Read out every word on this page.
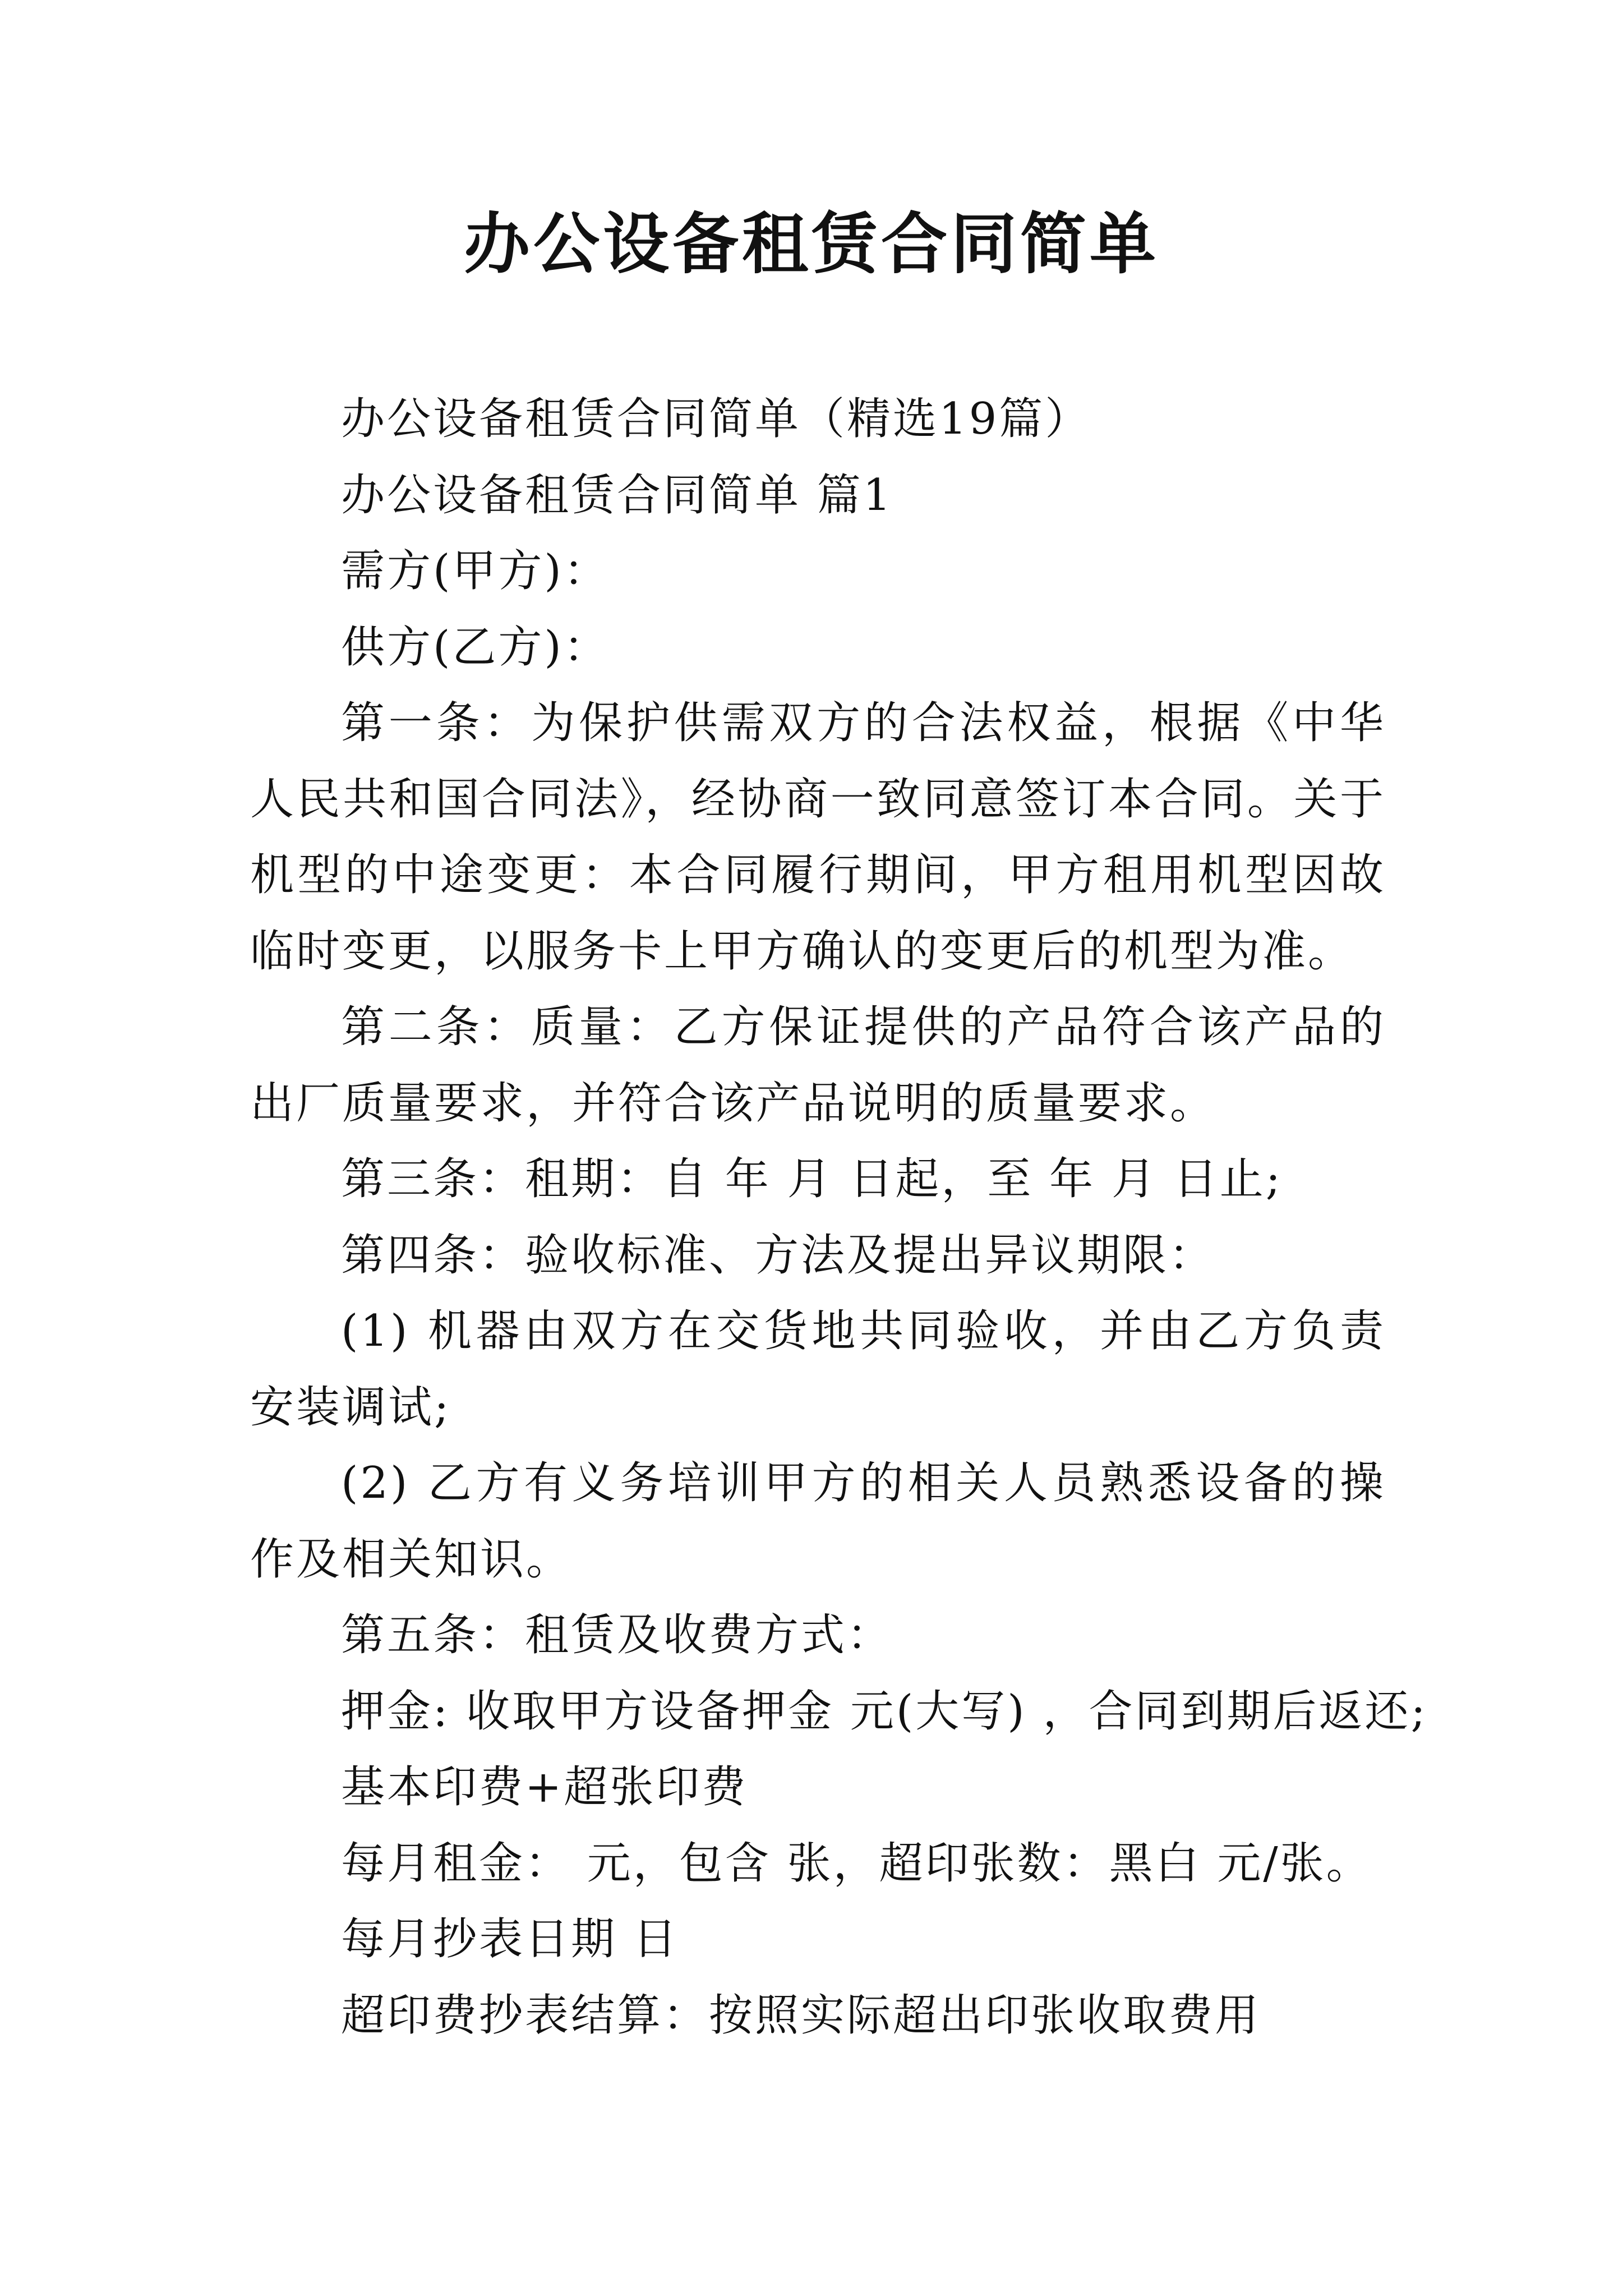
办公设备租赁合同简单

办公设备租赁合同简单（精选19篇）

办公设备租赁合同简单 篇1

需方(甲方)：

供方(乙方)：

第一条：为保护供需双方的合法权益，根据《中华人民共和国合同法》，经协商一致同意签订本合同。关于机型的中途变更：本合同履行期间，甲方租用机型因故临时变更，以服务卡上甲方确认的变更后的机型为准。

第二条：质量：乙方保证提供的产品符合该产品的出厂质量要求，并符合该产品说明的质量要求。

第三条：租期：自 年 月 日起，至 年 月 日止;

第四条：验收标准、方法及提出异议期限：

(1) 机器由双方在交货地共同验收，并由乙方负责安装调试;

(2) 乙方有义务培训甲方的相关人员熟悉设备的操作及相关知识。

第五条：租赁及收费方式：

押金: 收取甲方设备押金 元(大写) ，合同到期后返还;

基本印费+超张印费

每月租金： 元，包含 张，超印张数：黑白 元/张。

每月抄表日期 日

超印费抄表结算：按照实际超出印张收取费用
